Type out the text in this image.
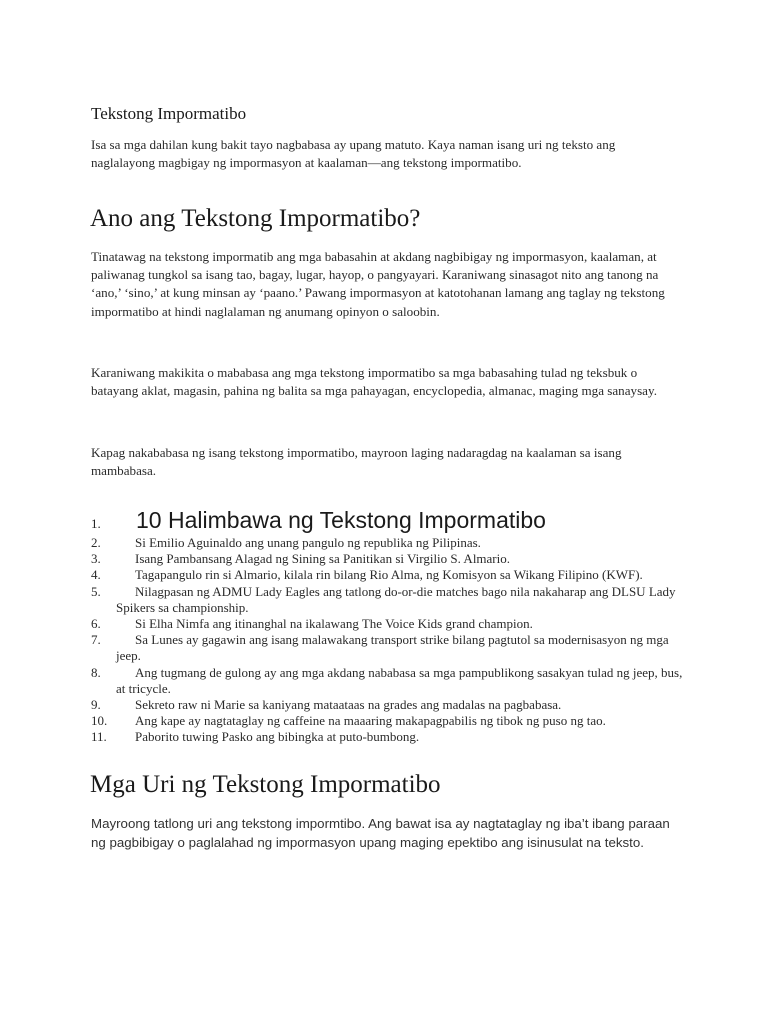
Tekstong Impormatibo

Isa sa mga dahilan kung bakit tayo nagbabasa ay upang matuto. Kaya naman isang uri ng teksto ang naglalayong magbigay ng impormasyon at kaalaman—ang tekstong impormatibo.

Ano ang Tekstong Impormatibo?

Tinatawag na tekstong impormatib ang mga babasahin at akdang nagbibigay ng impormasyon, kaalaman, at paliwanag tungkol sa isang tao, bagay, lugar, hayop, o pangyayari. Karaniwang sinasagot nito ang tanong na ‘ano,’ ‘sino,’ at kung minsan ay ‘paano.’ Pawang impormasyon at katotohanan lamang ang taglay ng tekstong impormatibo at hindi naglalaman ng anumang opinyon o saloobin.

Karaniwang makikita o mababasa ang mga tekstong impormatibo sa mga babasahing tulad ng teksbuk o batayang aklat, magasin, pahina ng balita sa mga pahayagan, encyclopedia, almanac, maging mga sanaysay.

Kapag nakababasa ng isang tekstong impormatibo, mayroon laging nadaragdag na kaalaman sa isang mambabasa.

1. 10 Halimbawa ng Tekstong Impormatibo
2.	Si Emilio Aguinaldo ang unang pangulo ng republika ng Pilipinas.
3.	Isang Pambansang Alagad ng Sining sa Panitikan si Virgilio S. Almario.
4.	Tagapangulo rin si Almario, kilala rin bilang Rio Alma, ng Komisyon sa Wikang Filipino (KWF).
5.	Nilagpasan ng ADMU Lady Eagles ang tatlong do-or-die matches bago nila nakaharap ang DLSU Lady Spikers sa championship.
6.	Si Elha Nimfa ang itinanghal na ikalawang The Voice Kids grand champion.
7.	Sa Lunes ay gagawin ang isang malawakang transport strike bilang pagtutol sa modernisasyon ng mga jeep.
8.	Ang tugmang de gulong ay ang mga akdang nababasa sa mga pampublikong sasakyan tulad ng jeep, bus, at tricycle.
9.	Sekreto raw ni Marie sa kaniyang mataataas na grades ang madalas na pagbabasa.
10.	Ang kape ay nagtataglay ng caffeine na maaaring makapagpabilis ng tibok ng puso ng tao.
11.	Paborito tuwing Pasko ang bibingka at puto-bumbong.
Mga Uri ng Tekstong Impormatibo

Mayroong tatlong uri ang tekstong impormtibo. Ang bawat isa ay nagtataglay ng iba’t ibang paraan ng pagbibigay o paglalahad ng impormasyon upang maging epektibo ang isinusulat na teksto.
